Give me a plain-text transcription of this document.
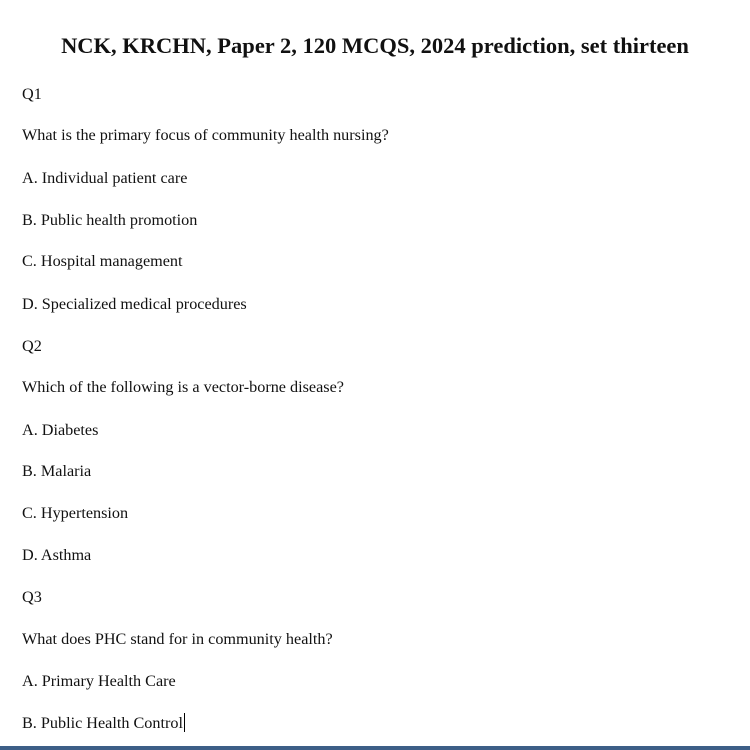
NCK, KRCHN, Paper 2, 120 MCQS, 2024 prediction, set thirteen
Q1
What is the primary focus of community health nursing?
A. Individual patient care
B. Public health promotion
C. Hospital management
D. Specialized medical procedures
Q2
Which of the following is a vector-borne disease?
A. Diabetes
B. Malaria
C. Hypertension
D. Asthma
Q3
What does PHC stand for in community health?
A. Primary Health Care
B. Public Health Control
